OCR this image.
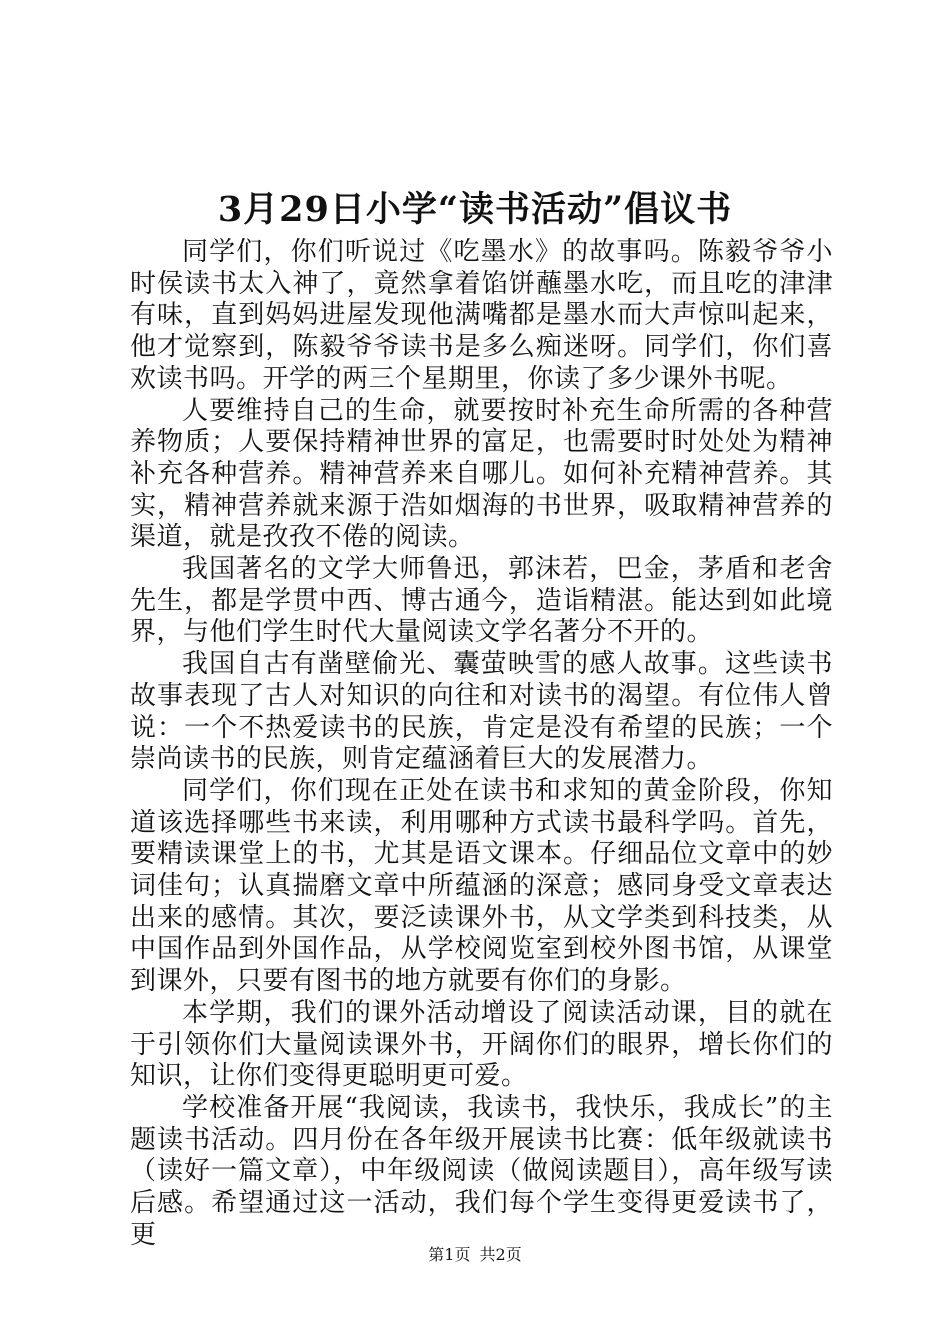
3月29日小学“读书活动”倡议书

同学们，你们听说过《吃墨水》的故事吗。陈毅爷爷小时侯读书太入神了，竟然拿着馅饼蘸墨水吃，而且吃的津津有味，直到妈妈进屋发现他满嘴都是墨水而大声惊叫起来，他才觉察到，陈毅爷爷读书是多么痴迷呀。同学们，你们喜欢读书吗。开学的两三个星期里，你读了多少课外书呢。

人要维持自己的生命，就要按时补充生命所需的各种营养物质；人要保持精神世界的富足，也需要时时处处为精神补充各种营养。精神营养来自哪儿。如何补充精神营养。其实，精神营养就来源于浩如烟海的书世界，吸取精神营养的渠道，就是孜孜不倦的阅读。

我国著名的文学大师鲁迅，郭沫若，巴金，茅盾和老舍先生，都是学贯中西、博古通今，造诣精湛。能达到如此境界，与他们学生时代大量阅读文学名著分不开的。

我国自古有凿壁偷光、囊萤映雪的感人故事。这些读书故事表现了古人对知识的向往和对读书的渴望。有位伟人曾说：一个不热爱读书的民族，肯定是没有希望的民族；一个崇尚读书的民族，则肯定蕴涵着巨大的发展潜力。

同学们，你们现在正处在读书和求知的黄金阶段，你知道该选择哪些书来读，利用哪种方式读书最科学吗。首先，要精读课堂上的书，尤其是语文课本。仔细品位文章中的妙词佳句；认真揣磨文章中所蕴涵的深意；感同身受文章表达出来的感情。其次，要泛读课外书，从文学类到科技类，从中国作品到外国作品，从学校阅览室到校外图书馆，从课堂到课外，只要有图书的地方就要有你们的身影。

本学期，我们的课外活动增设了阅读活动课，目的就在于引领你们大量阅读课外书，开阔你们的眼界，增长你们的知识，让你们变得更聪明更可爱。

学校准备开展“我阅读，我读书，我快乐，我成长”的主题读书活动。四月份在各年级开展读书比赛：低年级就读书（读好一篇文章），中年级阅读（做阅读题目），高年级写读后感。希望通过这一活动，我们每个学生变得更爱读书了，更

第1页 共2页
